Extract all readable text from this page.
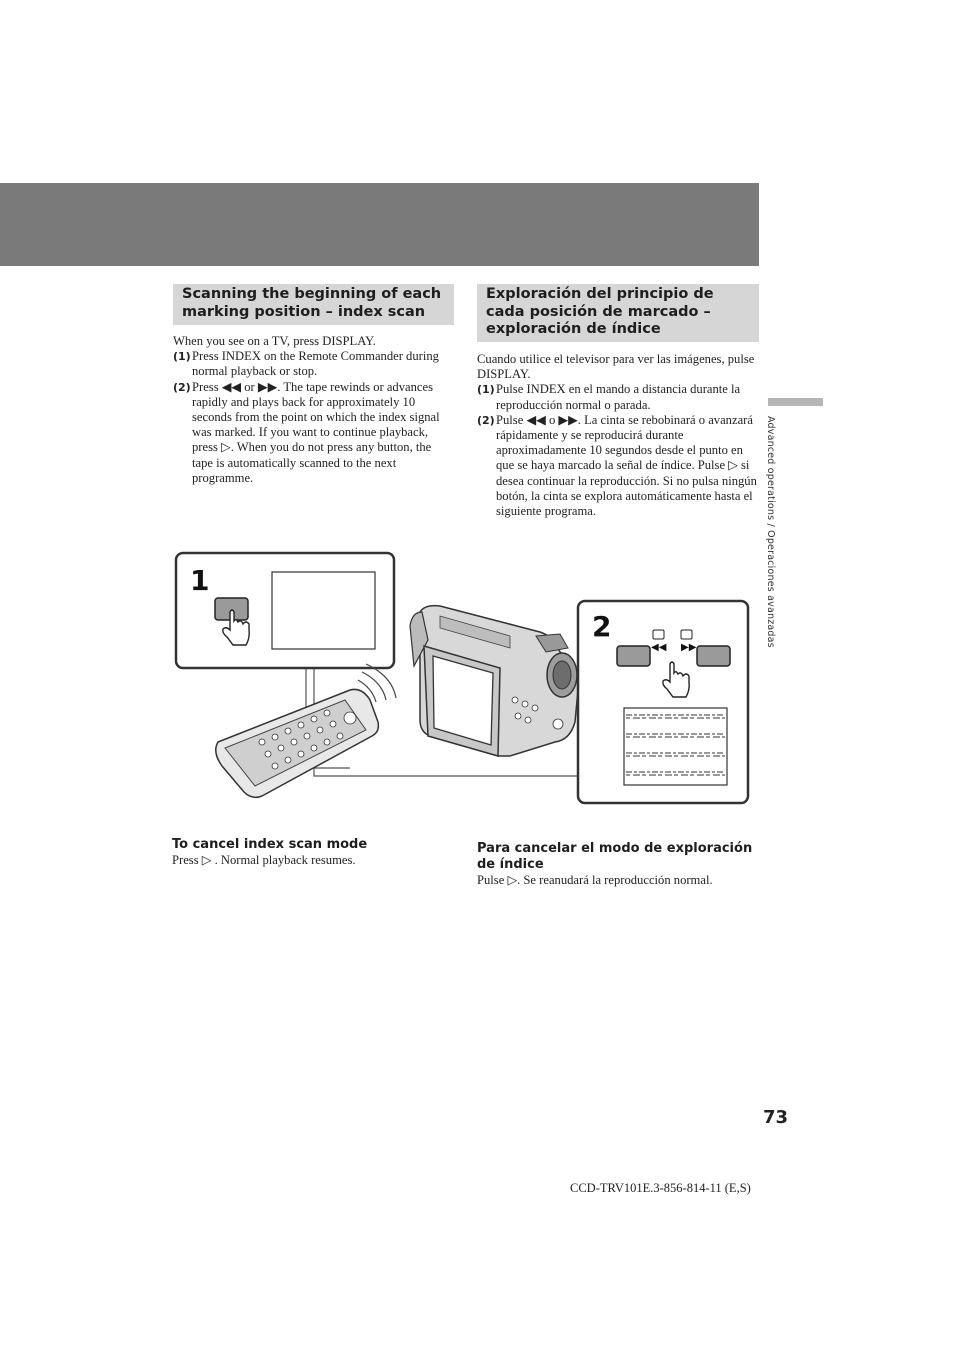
Advanced operations / Operaciones avanzadas
Scanning the beginning of each marking position – index scan

When you see on a TV, press DISPLAY.

(1) Press INDEX on the Remote Commander during normal playback or stop.
(2) Press ◀◀ or ▶▶. The tape rewinds or advances rapidly and plays back for approximately 10 seconds from the point on which the index signal was marked. If you want to continue playback, press ▷. When you do not press any button, the tape is automatically scanned to the next programme.
Exploración del principio de cada posición de marcado – exploración de índice

Cuando utilice el televisor para ver las imágenes, pulse DISPLAY.

(1) Pulse INDEX en el mando a distancia durante la reproducción normal o parada.
(2) Pulse ◀◀ o ▶▶. La cinta se rebobinará o avanzará rápidamente y se reproducirá durante aproximadamente 10 segundos desde el punto en que se haya marcado la señal de índice. Pulse ▷ si desea continuar la reproducción. Si no pulsa ningún botón, la cinta se explora automáticamente hasta el siguiente programa.
1
2
◀◀ ▶▶
To cancel index scan mode
Press ▷ . Normal playback resumes.
Para cancelar el modo de exploración de índice
Pulse ▷. Se reanudará la reproducción normal.
73
CCD-TRV101E.3-856-814-11 (E,S)
